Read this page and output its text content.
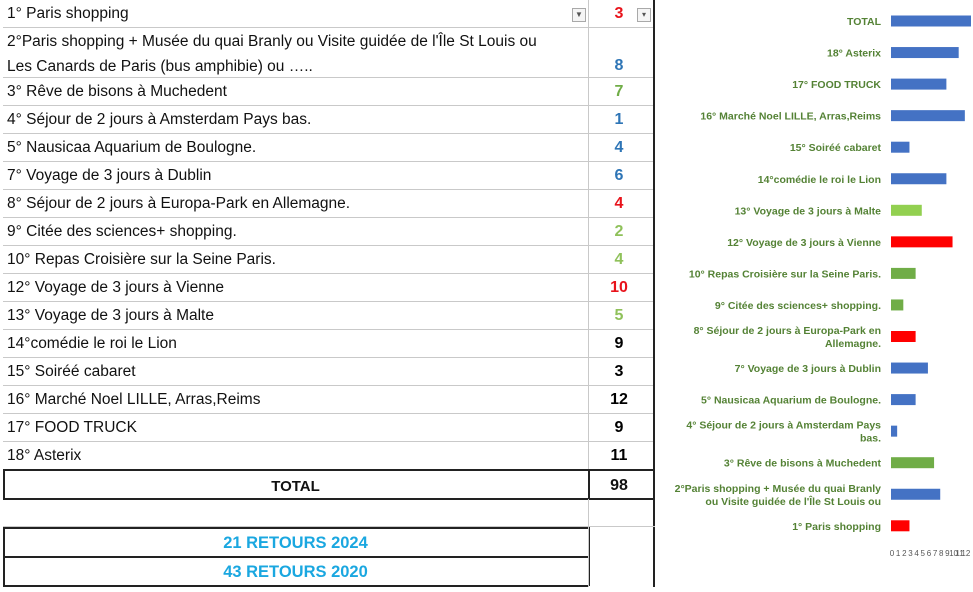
1° Paris shopping	3
2°Paris shopping + Musée du quai Branly ou Visite guidée de l'Île St Louis ou
Les Canards de Paris (bus amphibie) ou …..	8
3° Rêve de bisons à Muchedent	7
4° Séjour de 2 jours à Amsterdam Pays bas.	1
5° Nausicaa Aquarium de Boulogne.	4
7° Voyage de 3 jours à Dublin	6
8° Séjour de 2 jours à Europa-Park en Allemagne.	4
9° Citée des sciences+ shopping.	2
10° Repas Croisière sur la Seine Paris.	4
12° Voyage de 3 jours à Vienne	10
13° Voyage de 3 jours à Malte	5
14°comédie le roi le Lion	9
15° Soiréé cabaret	3
16° Marché Noel LILLE, Arras,Reims	12
17° FOOD TRUCK	9
18° Asterix	11
▼	▾
TOTAL	98
21 RETOURS 2024
43 RETOURS 2020
TOTAL
18° Asterix
17° FOOD TRUCK
16° Marché Noel LILLE, Arras,Reims
15° Soiréé cabaret
14°comédie le roi le Lion
13° Voyage de 3 jours à Malte
12° Voyage de 3 jours à Vienne
10° Repas Croisière sur la Seine Paris.
9° Citée des sciences+ shopping.
8° Séjour de 2 jours à Europa-Park en Allemagne.
7° Voyage de 3 jours à Dublin
5° Nausicaa Aquarium de Boulogne.
4° Séjour de 2 jours à Amsterdam Pays bas.
3° Rêve de bisons à Muchedent
2°Paris shopping + Musée du quai Branly ou Visite guidée de l'Île St Louis ou
1° Paris shopping
0 1 2 3 4 5 6 7 8 9 10
11
12
